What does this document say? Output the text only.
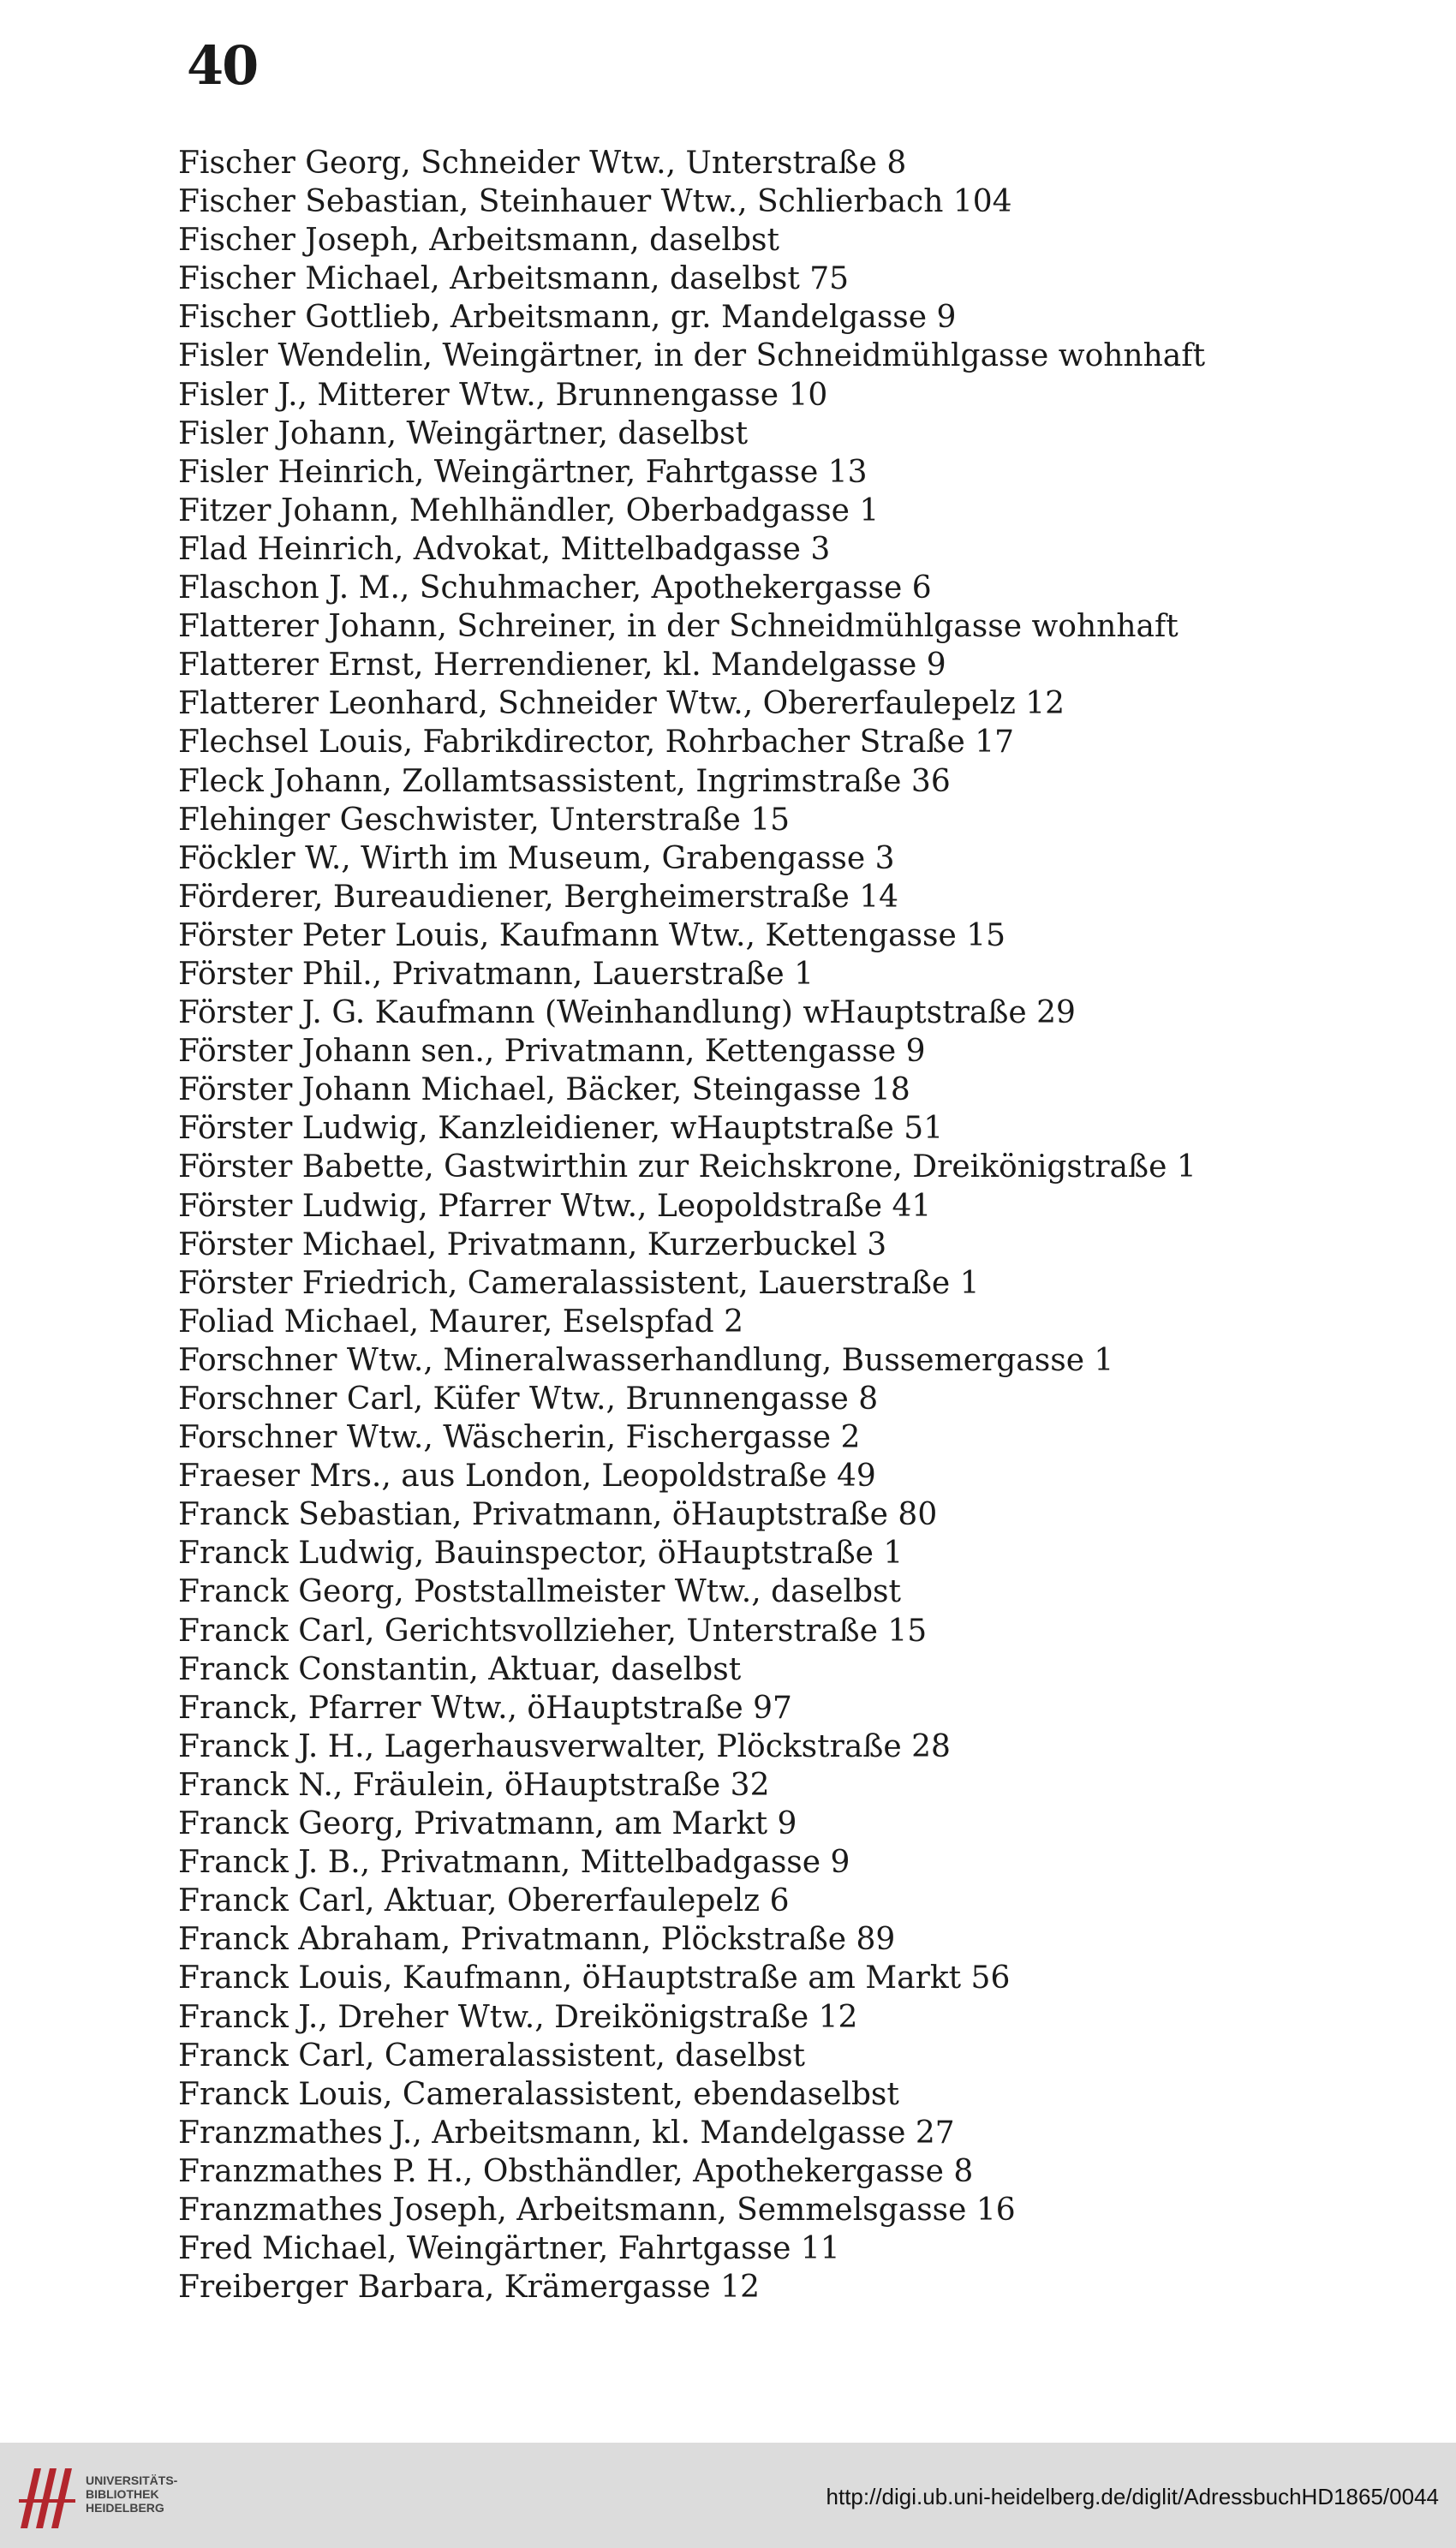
40
Fischer Georg, Schneider Wtw., Unterstraße 8
Fischer Sebastian, Steinhauer Wtw., Schlierbach 104
Fischer Joseph, Arbeitsmann, daselbst
Fischer Michael, Arbeitsmann, daselbst 75
Fischer Gottlieb, Arbeitsmann, gr. Mandelgasse 9
Fisler Wendelin, Weingärtner, in der Schneidmühlgasse wohnhaft
Fisler J., Mitterer Wtw., Brunnengasse 10
Fisler Johann, Weingärtner, daselbst
Fisler Heinrich, Weingärtner, Fahrtgasse 13
Fitzer Johann, Mehlhändler, Oberbadgasse 1
Flad Heinrich, Advokat, Mittelbadgasse 3
Flaschon J. M., Schuhmacher, Apothekergasse 6
Flatterer Johann, Schreiner, in der Schneidmühlgasse wohnhaft
Flatterer Ernst, Herrendiener, kl. Mandelgasse 9
Flatterer Leonhard, Schneider Wtw., Obererfaulepelz 12
Flechsel Louis, Fabrikdirector, Rohrbacher Straße 17
Fleck Johann, Zollamtsassistent, Ingrimstraße 36
Flehinger Geschwister, Unterstraße 15
Föckler W., Wirth im Museum, Grabengasse 3
Förderer, Bureaudiener, Bergheimerstraße 14
Förster Peter Louis, Kaufmann Wtw., Kettengasse 15
Förster Phil., Privatmann, Lauerstraße 1
Förster J. G. Kaufmann (Weinhandlung) wHauptstraße 29
Förster Johann sen., Privatmann, Kettengasse 9
Förster Johann Michael, Bäcker, Steingasse 18
Förster Ludwig, Kanzleidiener, wHauptstraße 51
Förster Babette, Gastwirthin zur Reichskrone, Dreikönigstraße 1
Förster Ludwig, Pfarrer Wtw., Leopoldstraße 41
Förster Michael, Privatmann, Kurzerbuckel 3
Förster Friedrich, Cameralassistent, Lauerstraße 1
Foliad Michael, Maurer, Eselspfad 2
Forschner Wtw., Mineralwasserhandlung, Bussemergasse 1
Forschner Carl, Küfer Wtw., Brunnengasse 8
Forschner Wtw., Wäscherin, Fischergasse 2
Fraeser Mrs., aus London, Leopoldstraße 49
Franck Sebastian, Privatmann, öHauptstraße 80
Franck Ludwig, Bauinspector, öHauptstraße 1
Franck Georg, Poststallmeister Wtw., daselbst
Franck Carl, Gerichtsvollzieher, Unterstraße 15
Franck Constantin, Aktuar, daselbst
Franck, Pfarrer Wtw., öHauptstraße 97
Franck J. H., Lagerhausverwalter, Plöckstraße 28
Franck N., Fräulein, öHauptstraße 32
Franck Georg, Privatmann, am Markt 9
Franck J. B., Privatmann, Mittelbadgasse 9
Franck Carl, Aktuar, Obererfaulepelz 6
Franck Abraham, Privatmann, Plöckstraße 89
Franck Louis, Kaufmann, öHauptstraße am Markt 56
Franck J., Dreher Wtw., Dreikönigstraße 12
Franck Carl, Cameralassistent, daselbst
Franck Louis, Cameralassistent, ebendaselbst
Franzmathes J., Arbeitsmann, kl. Mandelgasse 27
Franzmathes P. H., Obsthändler, Apothekergasse 8
Franzmathes Joseph, Arbeitsmann, Semmelsgasse 16
Fred Michael, Weingärtner, Fahrtgasse 11
Freiberger Barbara, Krämergasse 12
UNIVERSITÄTS-
BIBLIOTHEK
HEIDELBERG	http://digi.ub.uni-heidelberg.de/diglit/AdressbuchHD1865/0044
